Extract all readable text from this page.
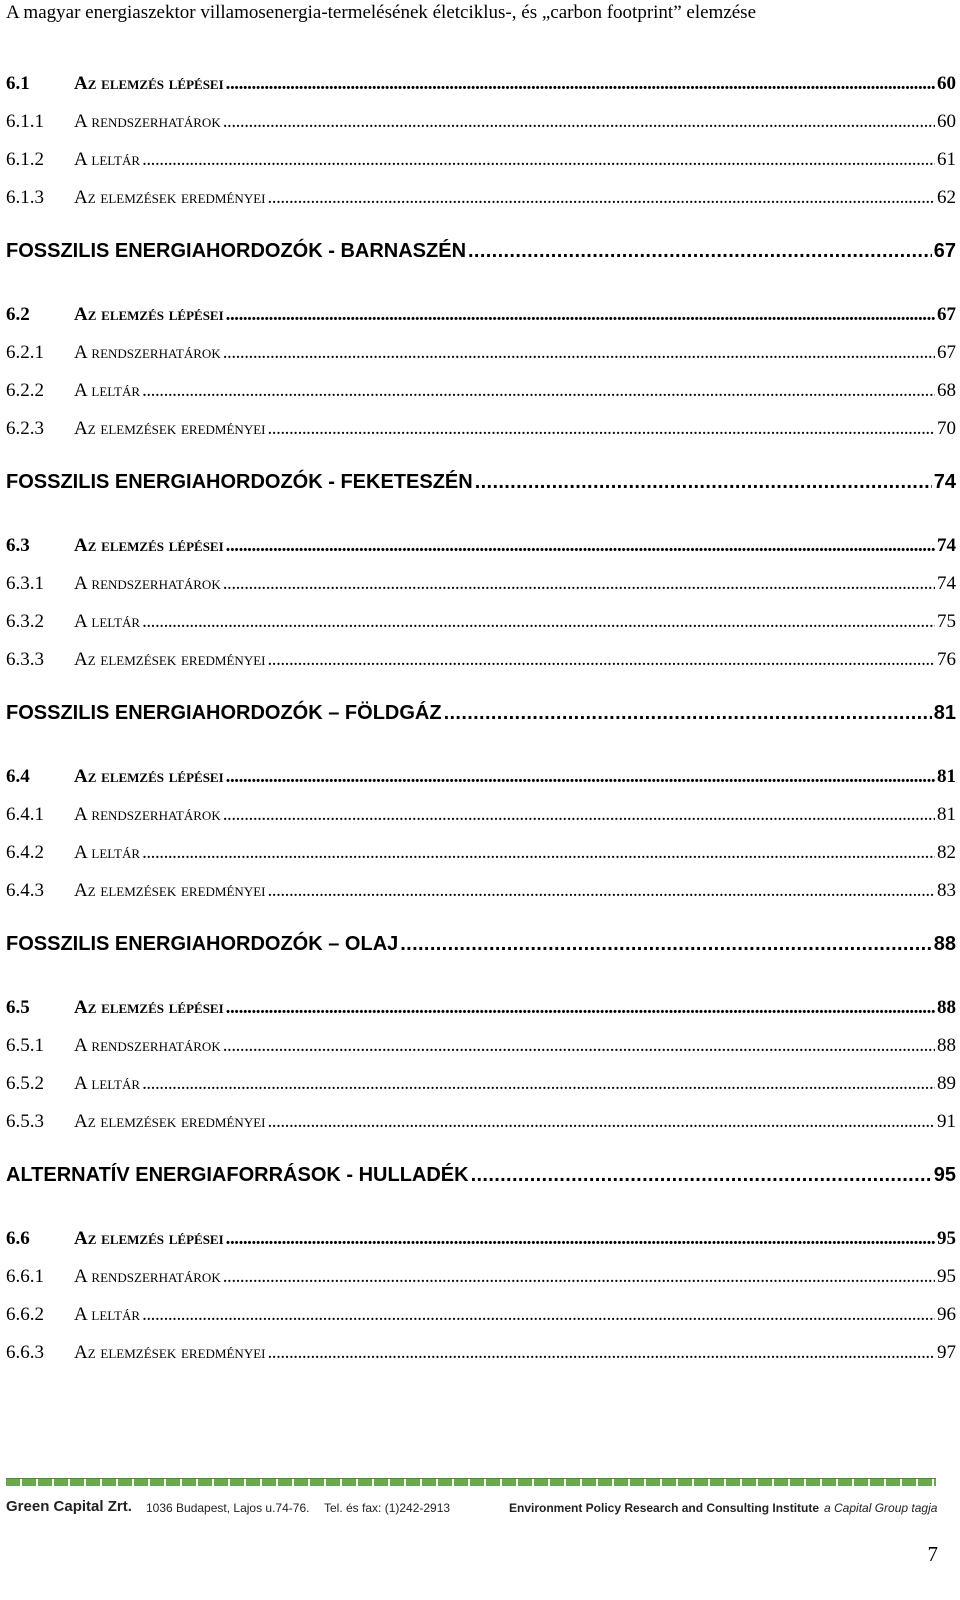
A magyar energiaszektor villamosenergia-termelésének életciklus-, és „carbon footprint” elemzése
6.1	Az elemzés lépései . . .	60
6.1.1	A rendszerhatárok . . .	60
6.1.2	A leltár . . .	61
6.1.3	Az elemzések eredményei . . .	62
FOSSZILIS ENERGIAHORDOZÓK - BARNASZÉN . . .	67
6.2	Az elemzés lépései . . .	67
6.2.1	A rendszerhatárok . . .	67
6.2.2	A leltár . . .	68
6.2.3	Az elemzések eredményei . . .	70
FOSSZILIS ENERGIAHORDOZÓK - FEKETESZÉN . . .	74
6.3	Az elemzés lépései . . .	74
6.3.1	A rendszerhatárok . . .	74
6.3.2	A leltár . . .	75
6.3.3	Az elemzések eredményei . . .	76
FOSSZILIS ENERGIAHORDOZÓK – FÖLDGÁZ . . .	81
6.4	Az elemzés lépései . . .	81
6.4.1	A rendszerhatárok . . .	81
6.4.2	A leltár . . .	82
6.4.3	Az elemzések eredményei . . .	83
FOSSZILIS ENERGIAHORDOZÓK – OLAJ . . .	88
6.5	Az elemzés lépései . . .	88
6.5.1	A rendszerhatárok . . .	88
6.5.2	A leltár . . .	89
6.5.3	Az elemzések eredményei . . .	91
ALTERNATÍV ENERGIAFORRÁSOK - HULLADÉK . . .	95
6.6	Az elemzés lépései . . .	95
6.6.1	A rendszerhatárok . . .	95
6.6.2	A leltár . . .	96
6.6.3	Az elemzések eredményei . . .	97
Green Capital Zrt. 1036 Budapest, Lajos u.74-76. Tel. és fax: (1)242-2913	Environment Policy Research and Consulting Institute a Capital Group tagja
7
